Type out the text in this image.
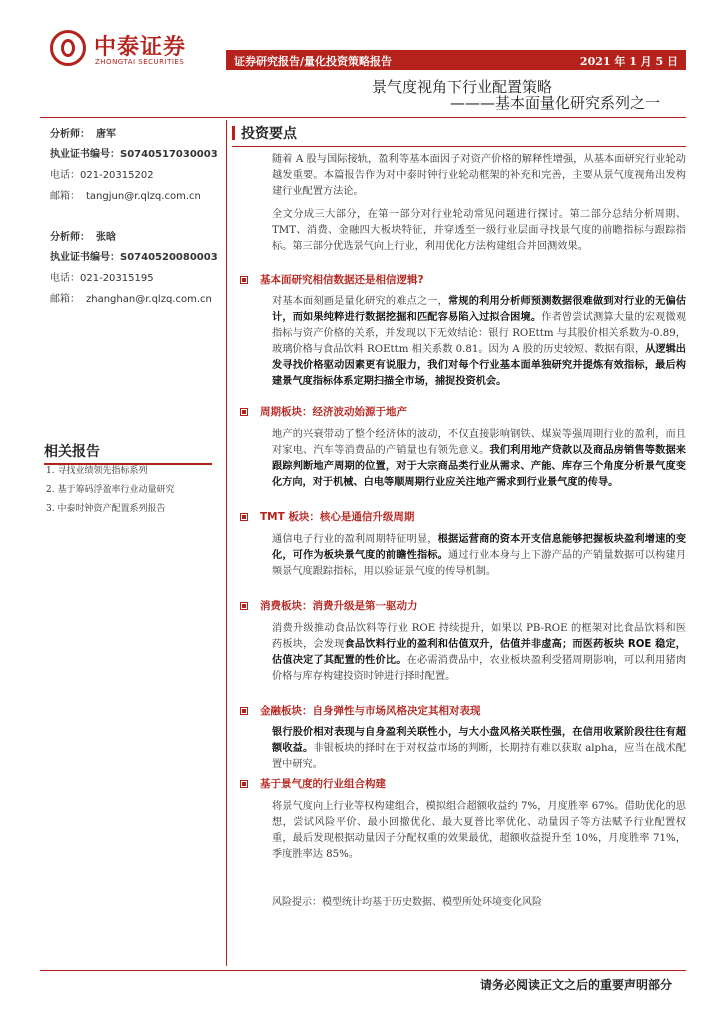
中泰证券
ZHONGTAI SECURITIES	证券研究报告/量化投资策略报告	2021 年 1 月 5 日
景气度视角下行业配置策略
———基本面量化研究系列之一
分析师： 唐军
执业证书编号：S0740517030003
电话：021-20315202
邮箱： tangjun@r.qlzq.com.cn
分析师： 张晗
执业证书编号：S0740520080003
电话：021-20315195
邮箱： zhanghan@r.qlzq.com.cn
相关报告
1. 寻找业绩领先指标系列
2. 基于筹码浮盈率行业动量研究
3. 中泰时钟资产配置系列报告
投资要点
随着 A 股与国际接轨，盈利等基本面因子对资产价格的解释性增强，从基本面研究行业轮动越发重要。本篇报告作为对中泰时钟行业轮动框架的补充和完善，主要从景气度视角出发构建行业配置方法论。
全文分成三大部分，在第一部分对行业轮动常见问题进行探讨。第二部分总结分析周期、TMT、消费、金融四大板块特征，并穿透至一级行业层面寻找景气度的前瞻指标与跟踪指标。第三部分优选景气向上行业，利用优化方法构建组合并回测效果。
基本面研究相信数据还是相信逻辑?
对基本面刻画是量化研究的难点之一，常规的利用分析师预测数据很难做到对行业的无偏估计，而如果纯粹进行数据挖掘和匹配容易陷入过拟合困境。作者曾尝试测算大量的宏观微观指标与资产价格的关系，并发现以下无效结论：银行 ROEttm 与其股价相关系数为-0.89，玻璃价格与食品饮料 ROEttm 相关系数 0.81。因为 A 股的历史较短、数据有限，从逻辑出发寻找价格驱动因素更有说服力，我们对每个行业基本面单独研究并提炼有效指标，最后构建景气度指标体系定期扫描全市场，捕捉投资机会。
周期板块：经济波动始源于地产
地产的兴衰带动了整个经济体的波动，不仅直接影响钢铁、煤炭等强周期行业的盈利，而且对家电、汽车等消费品的产销量也有领先意义。我们利用地产贷款以及商品房销售等数据来跟踪判断地产周期的位置，对于大宗商品类行业从需求、产能、库存三个角度分析景气度变化方向，对于机械、白电等顺周期行业应关注地产需求到行业景气度的传导。
TMT 板块：核心是通信升级周期
通信电子行业的盈利周期特征明显，根据运营商的资本开支信息能够把握板块盈利增速的变化，可作为板块景气度的前瞻性指标。通过行业本身与上下游产品的产销量数据可以构建月频景气度跟踪指标，用以验证景气度的传导机制。
消费板块：消费升级是第一驱动力
消费升级推动食品饮料等行业 ROE 持续提升，如果以 PB-ROE 的框架对比食品饮料和医药板块，会发现食品饮料行业的盈利和估值双升，估值并非虚高；而医药板块 ROE 稳定，估值决定了其配置的性价比。在必需消费品中，农业板块盈利受猪周期影响，可以利用猪肉价格与库存构建投资时钟进行择时配置。
金融板块：自身弹性与市场风格决定其相对表现
银行股价相对表现与自身盈利关联性小，与大小盘风格关联性强，在信用收紧阶段往往有超额收益。非银板块的择时在于对权益市场的判断，长期持有难以获取 alpha，应当在战术配置中研究。
基于景气度的行业组合构建
将景气度向上行业等权构建组合，模拟组合超额收益约 7%，月度胜率 67%。借助优化的思想，尝试风险平价、最小回撤优化、最大夏普比率优化、动量因子等方法赋予行业配置权重，最后发现根据动量因子分配权重的效果最优，超额收益提升至 10%，月度胜率 71%，季度胜率达 85%。
风险提示：模型统计均基于历史数据、模型所处环境变化风险
请务必阅读正文之后的重要声明部分
